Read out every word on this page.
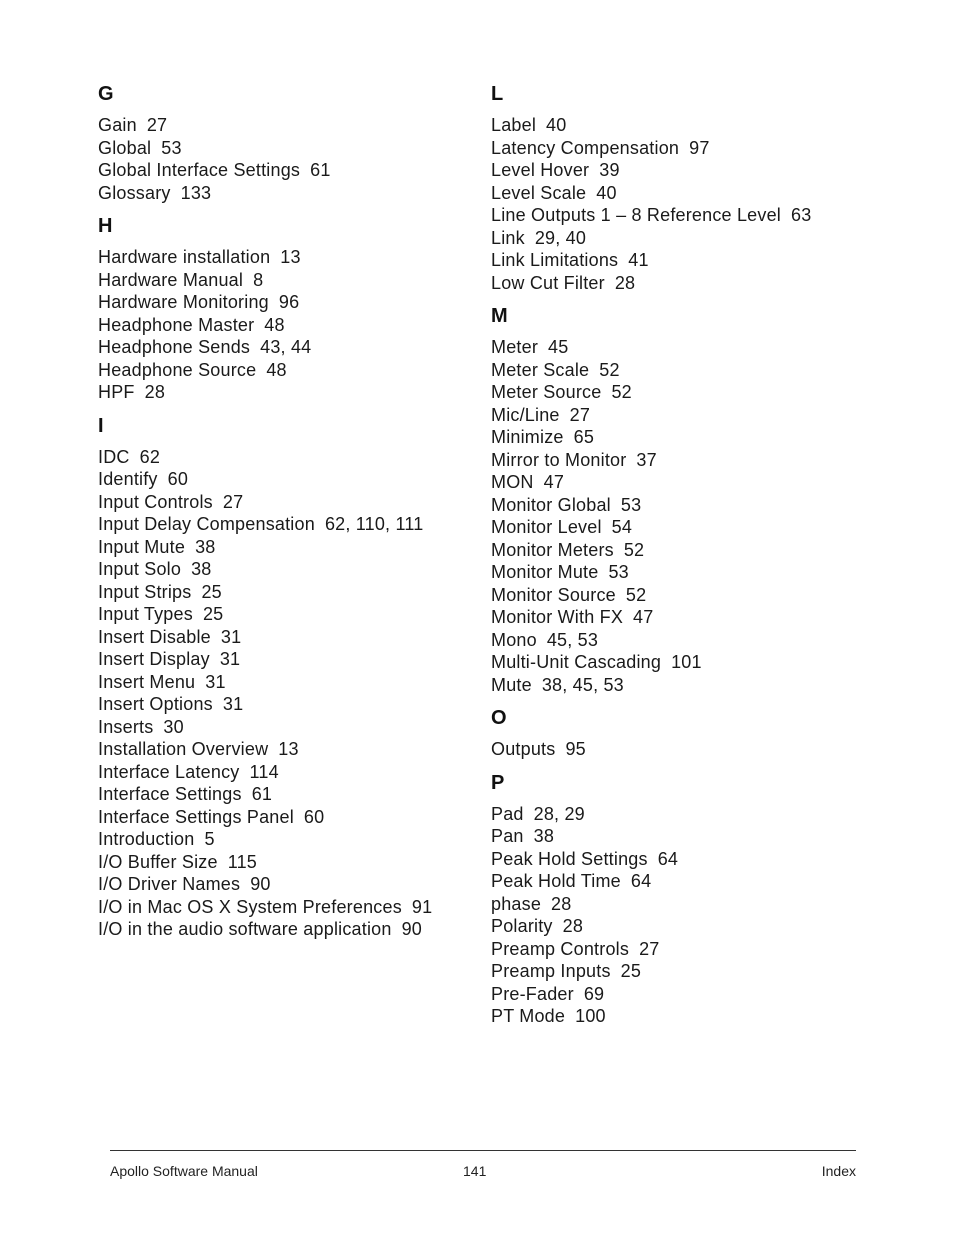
G
Gain 27
Global 53
Global Interface Settings 61
Glossary 133
H
Hardware installation 13
Hardware Manual 8
Hardware Monitoring 96
Headphone Master 48
Headphone Sends 43, 44
Headphone Source 48
HPF 28
I
IDC 62
Identify 60
Input Controls 27
Input Delay Compensation 62, 110, 111
Input Mute 38
Input Solo 38
Input Strips 25
Input Types 25
Insert Disable 31
Insert Display 31
Insert Menu 31
Insert Options 31
Inserts 30
Installation Overview 13
Interface Latency 114
Interface Settings 61
Interface Settings Panel 60
Introduction 5
I/O Buffer Size 115
I/O Driver Names 90
I/O in Mac OS X System Preferences 91
I/O in the audio software application 90
L
Label 40
Latency Compensation 97
Level Hover 39
Level Scale 40
Line Outputs 1 – 8 Reference Level 63
Link 29, 40
Link Limitations 41
Low Cut Filter 28
M
Meter 45
Meter Scale 52
Meter Source 52
Mic/Line 27
Minimize 65
Mirror to Monitor 37
MON 47
Monitor Global 53
Monitor Level 54
Monitor Meters 52
Monitor Mute 53
Monitor Source 52
Monitor With FX 47
Mono 45, 53
Multi-Unit Cascading 101
Mute 38, 45, 53
O
Outputs 95
P
Pad 28, 29
Pan 38
Peak Hold Settings 64
Peak Hold Time 64
phase 28
Polarity 28
Preamp Controls 27
Preamp Inputs 25
Pre-Fader 69
PT Mode 100
Apollo Software Manual	141	Index
